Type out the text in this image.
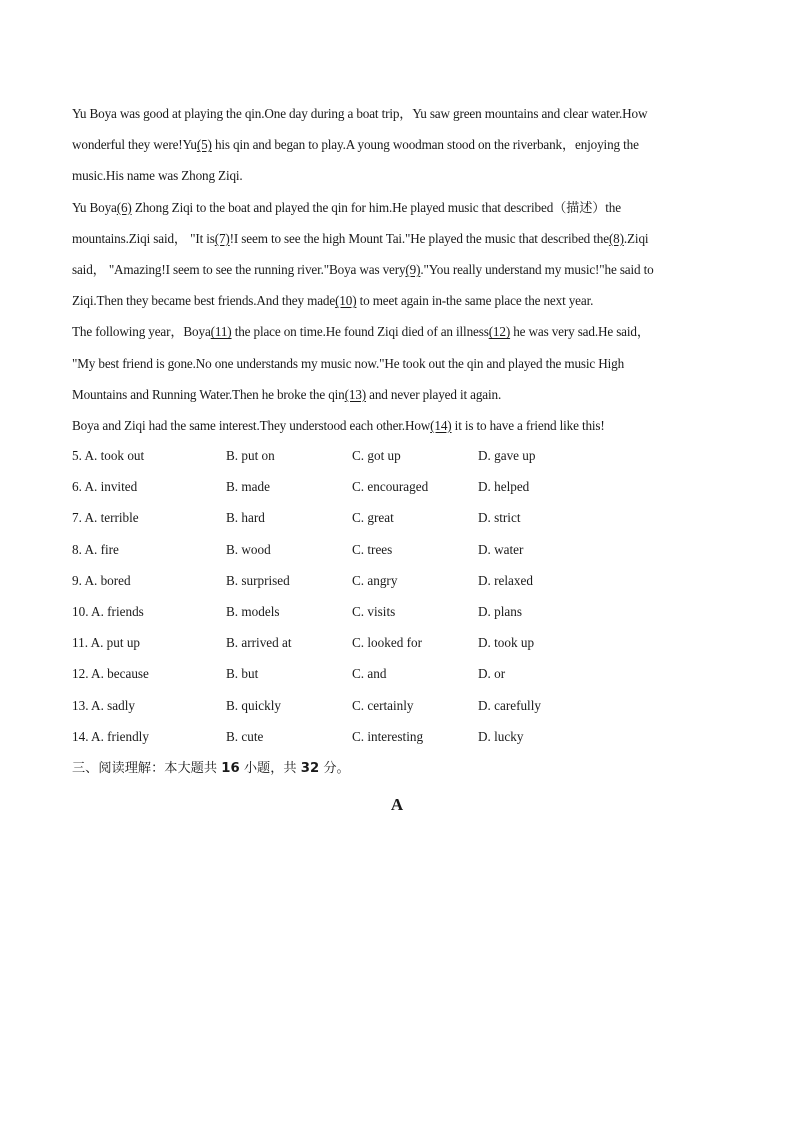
Yu Boya was good at playing the qin.One day during a boat trip，Yu saw green mountains and clear water.How
wonderful they were!Yu(5) his qin and began to play.A young woodman stood on the riverbank，enjoying the
music.His name was Zhong Ziqi.
Yu Boya(6) Zhong Ziqi to the boat and played the qin for him.He played music that described（描述）the
mountains.Ziqi said， "It is(7)!I seem to see the high Mount Tai."He played the music that described the(8).Ziqi
said， "Amazing!I seem to see the running river."Boya was very(9)."You really understand my music!"he said to
Ziqi.Then they became best friends.And they made(10) to meet again in-the same place the next year.
The following year，Boya(11) the place on time.He found Ziqi died of an illness(12) he was very sad.He said，
"My best friend is gone.No one understands my music now."He took out the qin and played the music High
Mountains and Running Water.Then he broke the qin(13) and never played it again.
Boya and Ziqi had the same interest.They understood each other.How(14) it is to have a friend like this!
5. A. took out	B. put on	C. got up	D. gave up
6. A. invited	B. made	C. encouraged	D. helped
7. A. terrible	B. hard	C. great	D. strict
8. A. fire	B. wood	C. trees	D. water
9. A. bored	B. surprised	C. angry	D. relaxed
10. A. friends	B. models	C. visits	D. plans
11. A. put up	B. arrived at	C. looked for	D. took up
12. A. because	B. but	C. and	D. or
13. A. sadly	B. quickly	C. certainly	D. carefully
14. A. friendly	B. cute	C. interesting	D. lucky
三、阅读理解：本大题共 16 小题，共 32 分。
A
